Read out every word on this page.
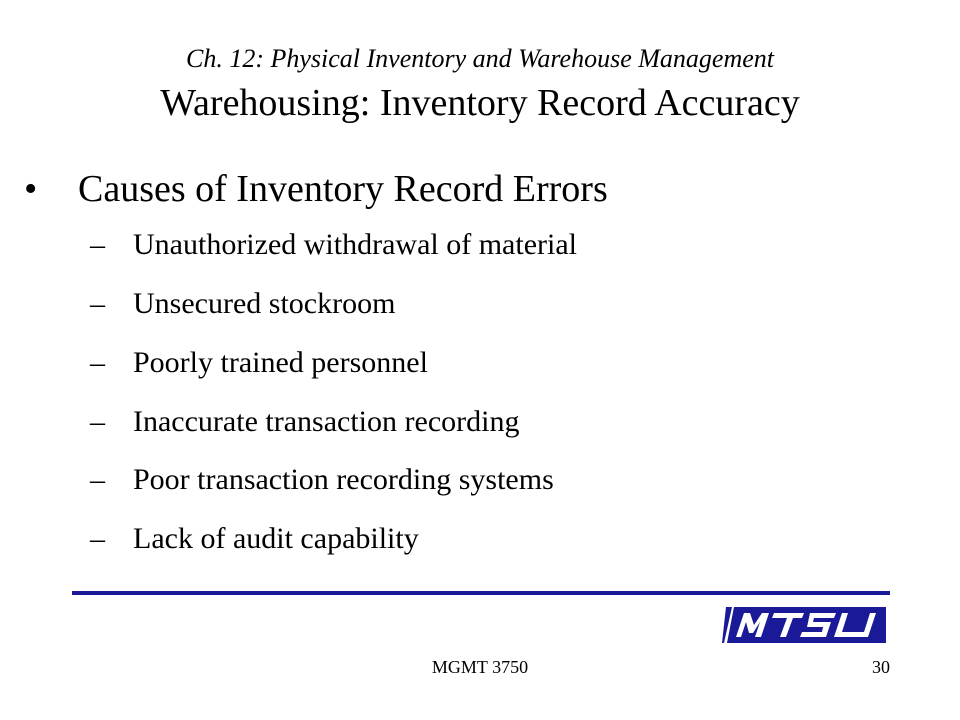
Ch. 12: Physical Inventory and Warehouse Management
Warehousing: Inventory Record Accuracy
• Causes of Inventory Record Errors
– Unauthorized withdrawal of material
– Unsecured stockroom
– Poorly trained personnel
– Inaccurate transaction recording
– Poor transaction recording systems
– Lack of audit capability
MGMT 3750	30
